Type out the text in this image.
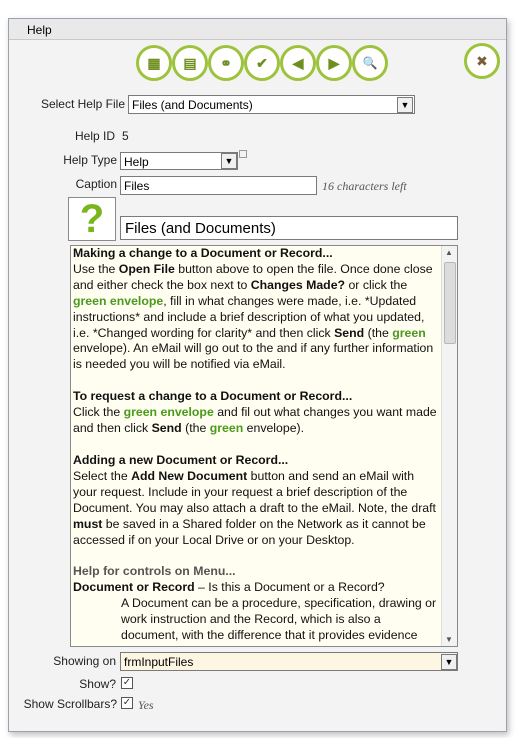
Help
▦ ▤ ⚭ ✔ ◀ ▶ 🔍	✖
Select Help File Files (and Documents)	▼
Help ID 5
Help Type Help	▼
Caption Files	16 characters left
?	Files (and Documents)

Making a change to a Document or Record...
Use the Open File button above to open the file. Once done close and either check the box next to Changes Made? or click the green envelope, fill in what changes were made, i.e. *Updated instructions* and include a brief description of what you updated, i.e. *Changed wording for clarity* and then click Send (the green envelope). An eMail will go out to the and if any further information is needed you will be notified via eMail.

To request a change to a Document or Record...
Click the green envelope and fil out what changes you want made and then click Send (the green envelope).

Adding a new Document or Record...
Select the Add New Document button and send an eMail with your request. Include in your request a brief description of the Document. You may also attach a draft to the eMail. Note, the draft must be saved in a Shared folder on the Network as it cannot be accessed if on your Local Drive or on your Desktop.

Help for controls on Menu...
Document or Record – Is this a Document or a Record?

A Document can be a procedure, specification, drawing or work instruction and the Record, which is also a document, with the difference that it provides evidence

▲
▼
Showing on frmInputFiles	▼
Show? ✓
Show Scrollbars? ✓ Yes
